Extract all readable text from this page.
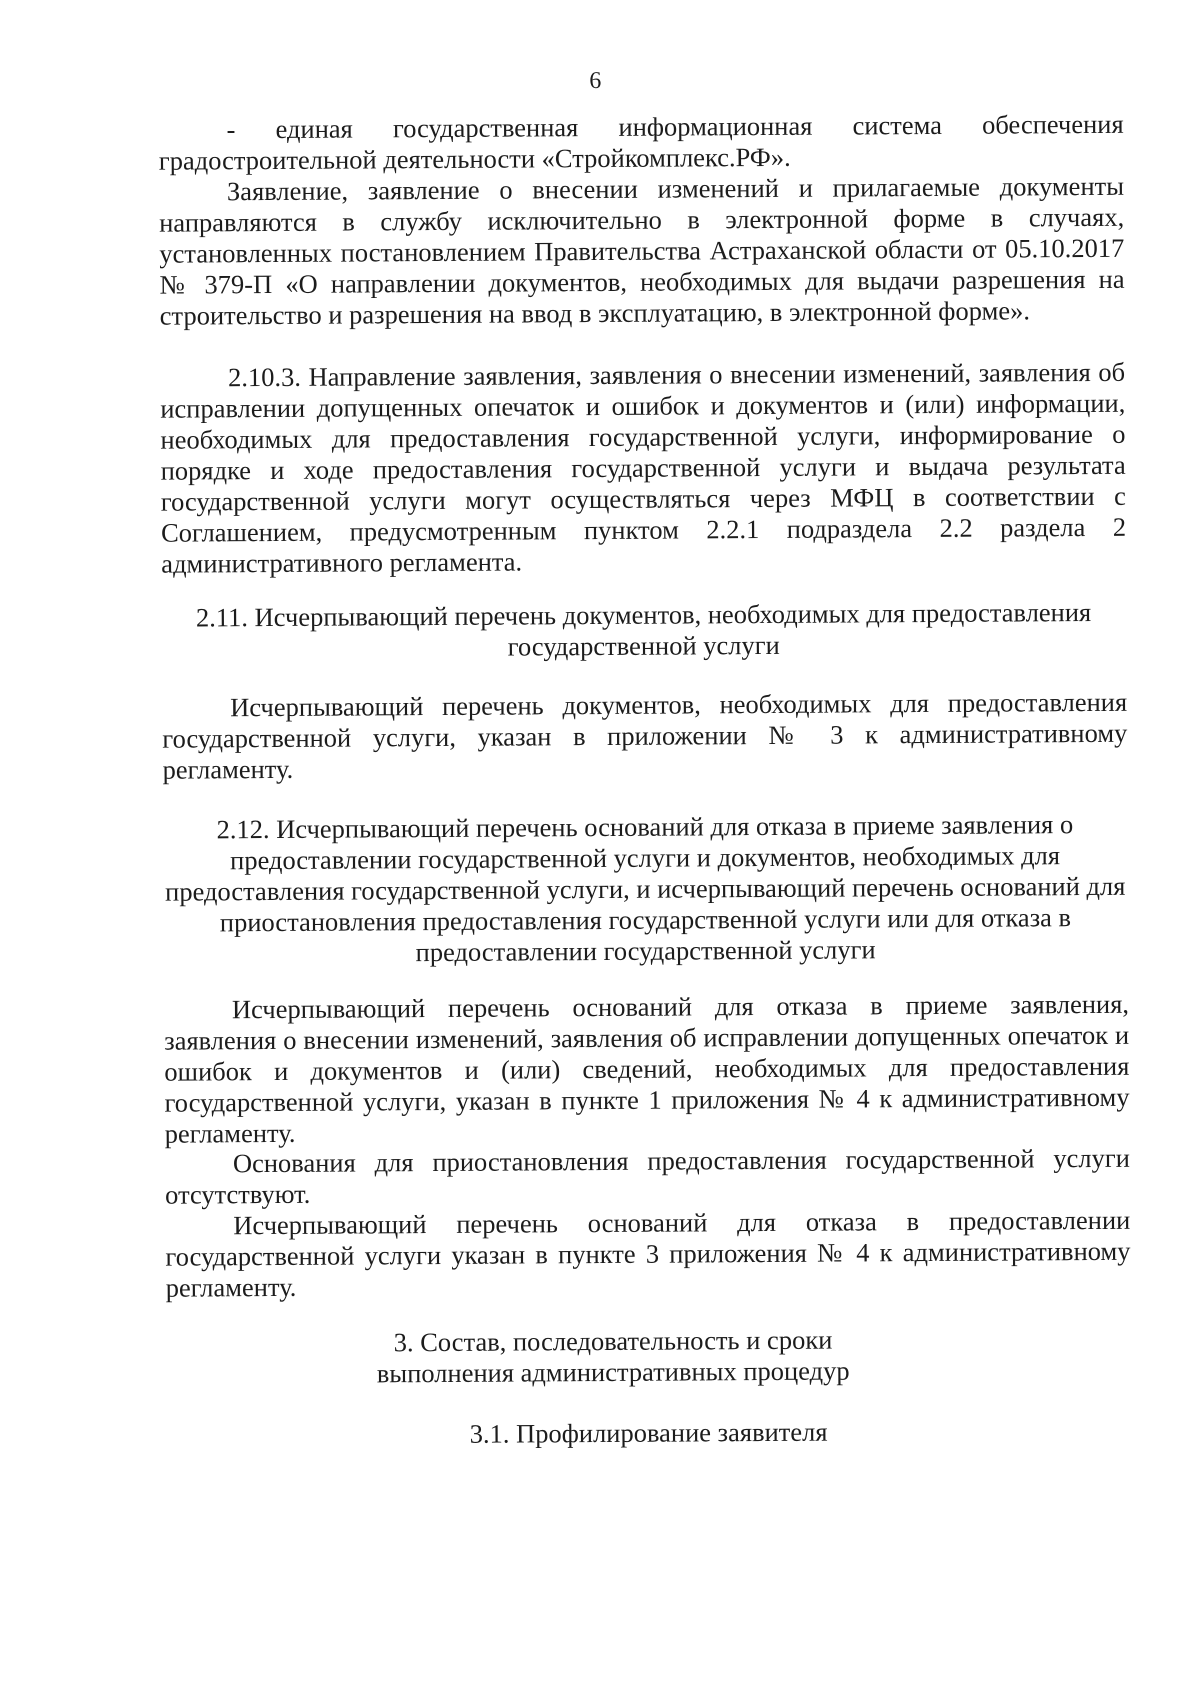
6

- единая государственная информационная система обеспечения градостроительной деятельности «Стройкомплекс.РФ».

Заявление, заявление о внесении изменений и прилагаемые документы направляются в службу исключительно в электронной форме в случаях, установленных постановлением Правительства Астраханской области от 05.10.2017 № 379-П «О направлении документов, необходимых для выдачи разрешения на строительство и разрешения на ввод в эксплуатацию, в электронной форме».

2.10.3. Направление заявления, заявления о внесении изменений, заявления об исправлении допущенных опечаток и ошибок и документов и (или) информации, необходимых для предоставления государственной услуги, информирование о порядке и ходе предоставления государственной услуги и выдача результата государственной услуги могут осуществляться через МФЦ в соответствии с Соглашением, предусмотренным пунктом 2.2.1 подраздела 2.2 раздела 2 административного регламента.

2.11. Исчерпывающий перечень документов, необходимых для предоставления государственной услуги

Исчерпывающий перечень документов, необходимых для предоставления государственной услуги, указан в приложении № 3 к административному регламенту.

2.12. Исчерпывающий перечень оснований для отказа в приеме заявления о предоставлении государственной услуги и документов, необходимых для предоставления государственной услуги, и исчерпывающий перечень оснований для приостановления предоставления государственной услуги или для отказа в предоставлении государственной услуги

Исчерпывающий перечень оснований для отказа в приеме заявления, заявления о внесении изменений, заявления об исправлении допущенных опечаток и ошибок и документов и (или) сведений, необходимых для предоставления государственной услуги, указан в пункте 1 приложения № 4 к административному регламенту.

Основания для приостановления предоставления государственной услуги отсутствуют.

Исчерпывающий перечень оснований для отказа в предоставлении государственной услуги указан в пункте 3 приложения № 4 к административному регламенту.

3. Состав, последовательность и сроки выполнения административных процедур
3.1. Профилирование заявителя
